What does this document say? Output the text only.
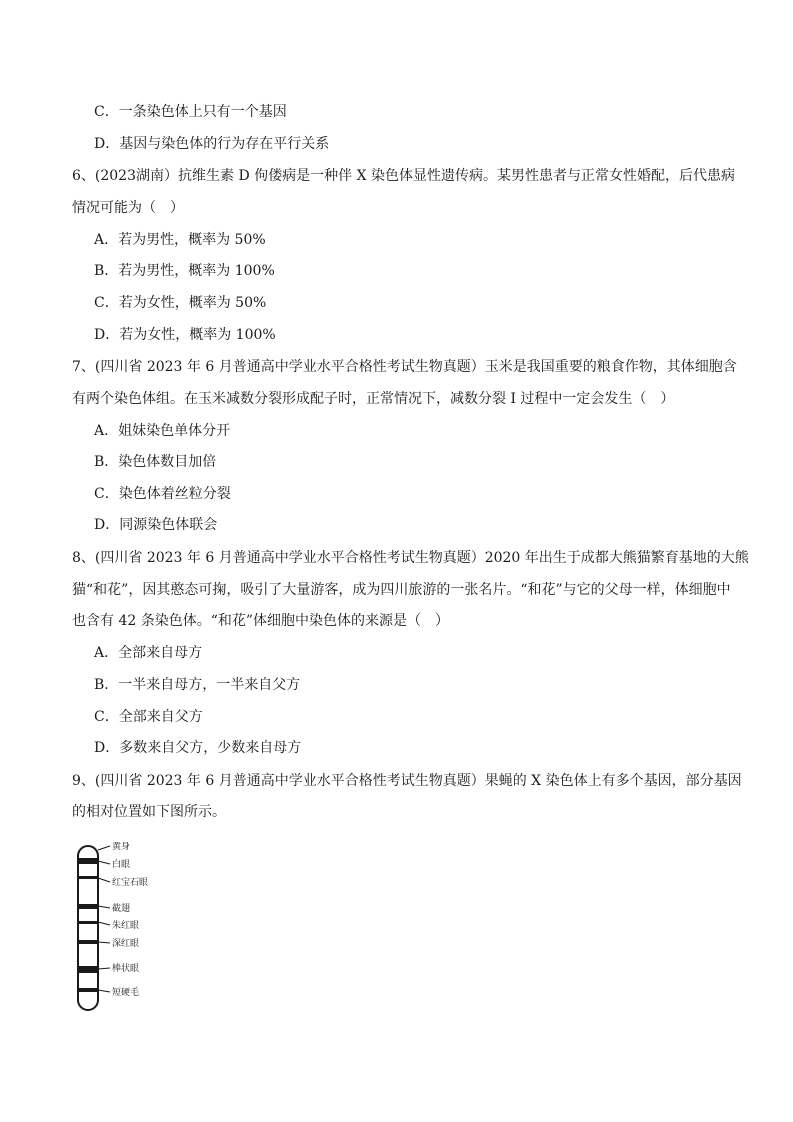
C．一条染色体上只有一个基因
D．基因与染色体的行为存在平行关系
6、(2023湖南）抗维生素 D 佝偻病是一种伴 X 染色体显性遗传病。某男性患者与正常女性婚配，后代患病
情况可能为（　）
A．若为男性，概率为 50%
B．若为男性，概率为 100%
C．若为女性，概率为 50%
D．若为女性，概率为 100%
7、(四川省 2023 年 6 月普通高中学业水平合格性考试生物真题）玉米是我国重要的粮食作物，其体细胞含
有两个染色体组。在玉米减数分裂形成配子时，正常情况下，减数分裂 I 过程中一定会发生（　）
A．姐妹染色单体分开
B．染色体数目加倍
C．染色体着丝粒分裂
D．同源染色体联会
8、(四川省 2023 年 6 月普通高中学业水平合格性考试生物真题）2020 年出生于成都大熊猫繁育基地的大熊
猫“和花”，因其憨态可掬，吸引了大量游客，成为四川旅游的一张名片。“和花”与它的父母一样，体细胞中
也含有 42 条染色体。“和花”体细胞中染色体的来源是（　）
A．全部来自母方
B．一半来自母方，一半来自父方
C．全部来自父方
D．多数来自父方，少数来自母方
9、(四川省 2023 年 6 月普通高中学业水平合格性考试生物真题）果蝇的 X 染色体上有多个基因，部分基因
的相对位置如下图所示。
黄身
白眼
红宝石眼
截翅
朱红眼
深红眼
棒状眼
短硬毛
